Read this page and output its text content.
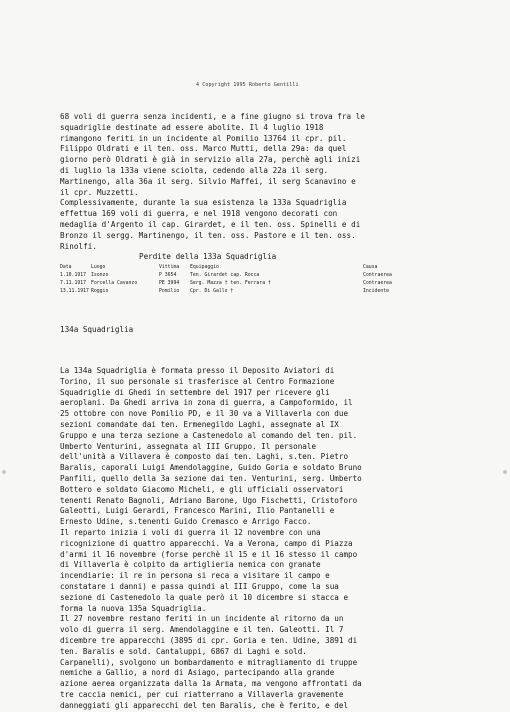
4 Copyright 1995 Roberto Gentilli
68 voli di guerra senza incidenti, e a fine giugno si trova fra le
squadriglie destinate ad essere abolite. Il 4 luglio 1918
rimangono feriti in un incidente al Pomilio 13764 il cpr. pil.
Filippo Oldrati e il ten. oss. Marco Mutti, della 29a: da quel
giorno però Oldrati è già in servizio alla 27a, perchè agli inizi
di luglio la 133a viene sciolta, cedendo alla 22a il serg.
Martinengo, alla 36a il serg. Silvio Maffei, il serg Scanavino e
il cpr. Muzzetti.
Complessivamente, durante la sua esistenza la 133a Squadriglia
effettua 169 voli di guerra, e nel 1918 vengono decorati con
medaglia d'Argento il cap. Girardet, e il ten. oss. Spinelli e di
Bronzo il sergg. Martinengo, il ten. oss. Pastore e il ten. oss.
Rinolfi.
Perdite della 133a Squadriglia
Data	Luogo	Vittima Equipaggio	Causa
1.10.1917 Isonzo	P 3654	Ten. Girardet cap. Rocca	Contraerea
7.11.1917 Forcella Cavanzo	PE 3994 Serg. Mazza † ten. Ferrara †	Contraerea
13.11.1917 Roggio	Pomilio Cpr. Di Gallo †	Incidente
134a Squadriglia
La 134a Squadriglia è formata presso il Deposito Aviatori di
Torino, il suo personale si trasferisce al Centro Formazione
Squadriglie di Ghedi in settembre del 1917 per ricevere gli
aeroplani. Da Ghedi arriva in zona di guerra, a Campoformido, il
25 ottobre con nove Pomilio PD, e il 30 va a Villaverla con due
sezioni comandate dai ten. Ermenegildo Laghi, assegnate al IX
Gruppo e una terza sezione a Castenedolo al comando del ten. pil.
Umberto Venturini, assegnata al III Gruppo. Il personale
dell'unità a Villavera è composto dai ten. Laghi, s.ten. Pietro
Baralis, caporali Luigi Amendolaggine, Guido Goria e soldato Bruno
Panfili, quello della 3a sezione dai ten. Venturini, serg. Umberto
Bottero e soldato Giacomo Micheli, e gli ufficiali osservatori
tenenti Renato Bagnoli, Adriano Barone, Ugo Fischetti, Cristoforo
Galeotti, Luigi Gerardi, Francesco Marini, Ilio Pantanelli e
Ernesto Udine, s.tenenti Guido Cremasco e Arrigo Facco.
Il reparto inizia i voli di guerra il 12 novembre con una
ricognizione di quattro apparecchi. Va a Verona, campo di Piazza
d'armi il 16 novembre (forse perchè il 15 e il 16 stesso il campo
di Villaverla è colpito da artiglieria nemica con granate
incendiarie: il re in persona si reca a visitare il campo e
constatare i danni) e passa quindi al III Gruppo, come la sua
sezione di Castenedolo la quale però il 10 dicembre si stacca e
forma la nuova 135a Squadriglia.
Il 27 novembre restano feriti in un incidente al ritorno da un
volo di guerra il serg. Amendolaggine e il ten. Galeotti. Il 7
dicembre tre apparecchi (3895 di cpr. Goria e ten. Udine, 3891 di
ten. Baralis e sold. Cantaluppi, 6867 di Laghi e sold.
Carpanelli), svolgono un bombardamento e mitragliamento di truppe
nemiche a Gallio, a nord di Asiago, partecipando alla grande
azione aerea organizzata dalla 1a Armata, ma vengono affrontati da
tre caccia nemici, per cui riatterrano a Villaverla gravemente
danneggiati gli apparecchi del ten Baralis, che è ferito, e del
